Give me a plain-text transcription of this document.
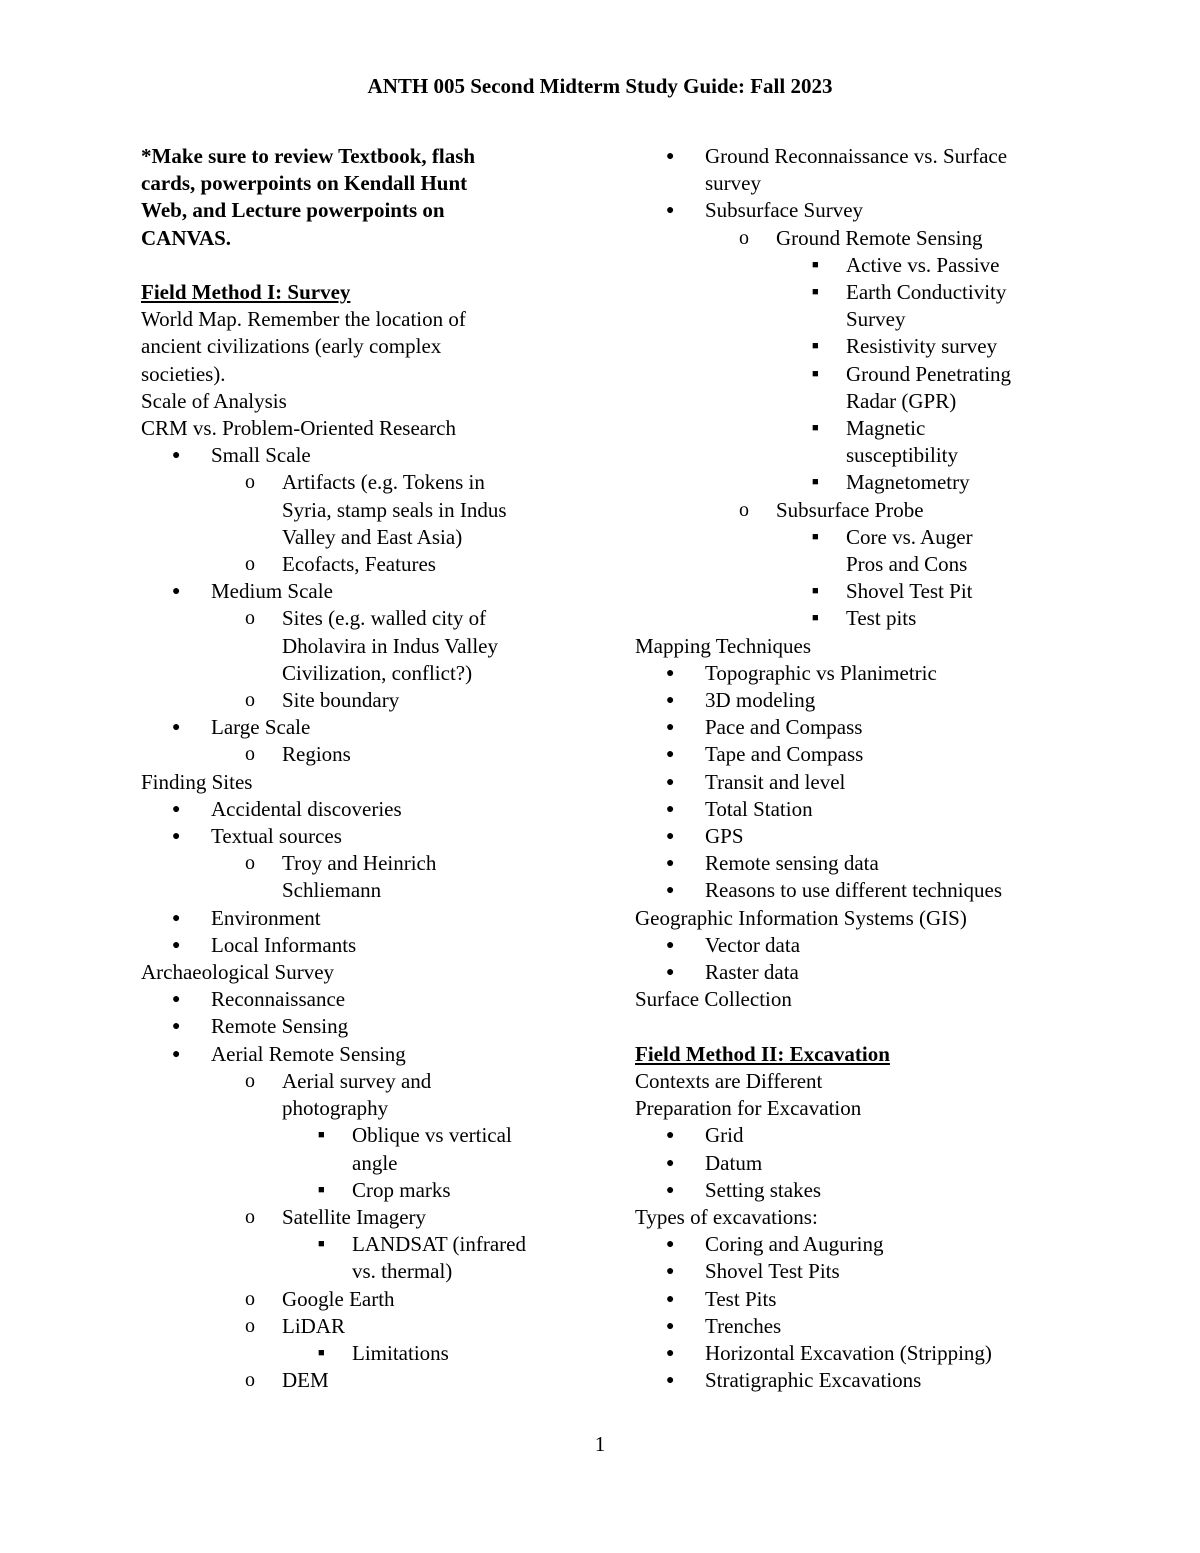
ANTH 005 Second Midterm Study Guide: Fall 2023
*Make sure to review Textbook, flash
cards, powerpoints on Kendall Hunt
Web, and Lecture powerpoints on
CANVAS.
Field Method I: Survey
World Map. Remember the location of
ancient civilizations (early complex
societies).
Scale of Analysis
CRM vs. Problem-Oriented Research
● Small Scale
o Artifacts (e.g. Tokens in
Syria, stamp seals in Indus
Valley and East Asia)
o Ecofacts, Features
● Medium Scale
o Sites (e.g. walled city of
Dholavira in Indus Valley
Civilization, conflict?)
o Site boundary
● Large Scale
o Regions
Finding Sites
● Accidental discoveries
● Textual sources
o Troy and Heinrich
Schliemann
● Environment
● Local Informants
Archaeological Survey
● Reconnaissance
● Remote Sensing
● Aerial Remote Sensing
o Aerial survey and
photography
■ Oblique vs vertical
angle
■ Crop marks
o Satellite Imagery
■ LANDSAT (infrared
vs. thermal)
o Google Earth
o LiDAR
■ Limitations
o DEM
● Ground Reconnaissance vs. Surface
survey
● Subsurface Survey
o Ground Remote Sensing
■ Active vs. Passive
■ Earth Conductivity
Survey
■ Resistivity survey
■ Ground Penetrating
Radar (GPR)
■ Magnetic
susceptibility
■ Magnetometry
o Subsurface Probe
■ Core vs. Auger
Pros and Cons
■ Shovel Test Pit
■ Test pits
Mapping Techniques
● Topographic vs Planimetric
● 3D modeling
● Pace and Compass
● Tape and Compass
● Transit and level
● Total Station
● GPS
● Remote sensing data
● Reasons to use different techniques
Geographic Information Systems (GIS)
● Vector data
● Raster data
Surface Collection
Field Method II: Excavation
Contexts are Different
Preparation for Excavation
● Grid
● Datum
● Setting stakes
Types of excavations:
● Coring and Auguring
● Shovel Test Pits
● Test Pits
● Trenches
● Horizontal Excavation (Stripping)
● Stratigraphic Excavations
1
